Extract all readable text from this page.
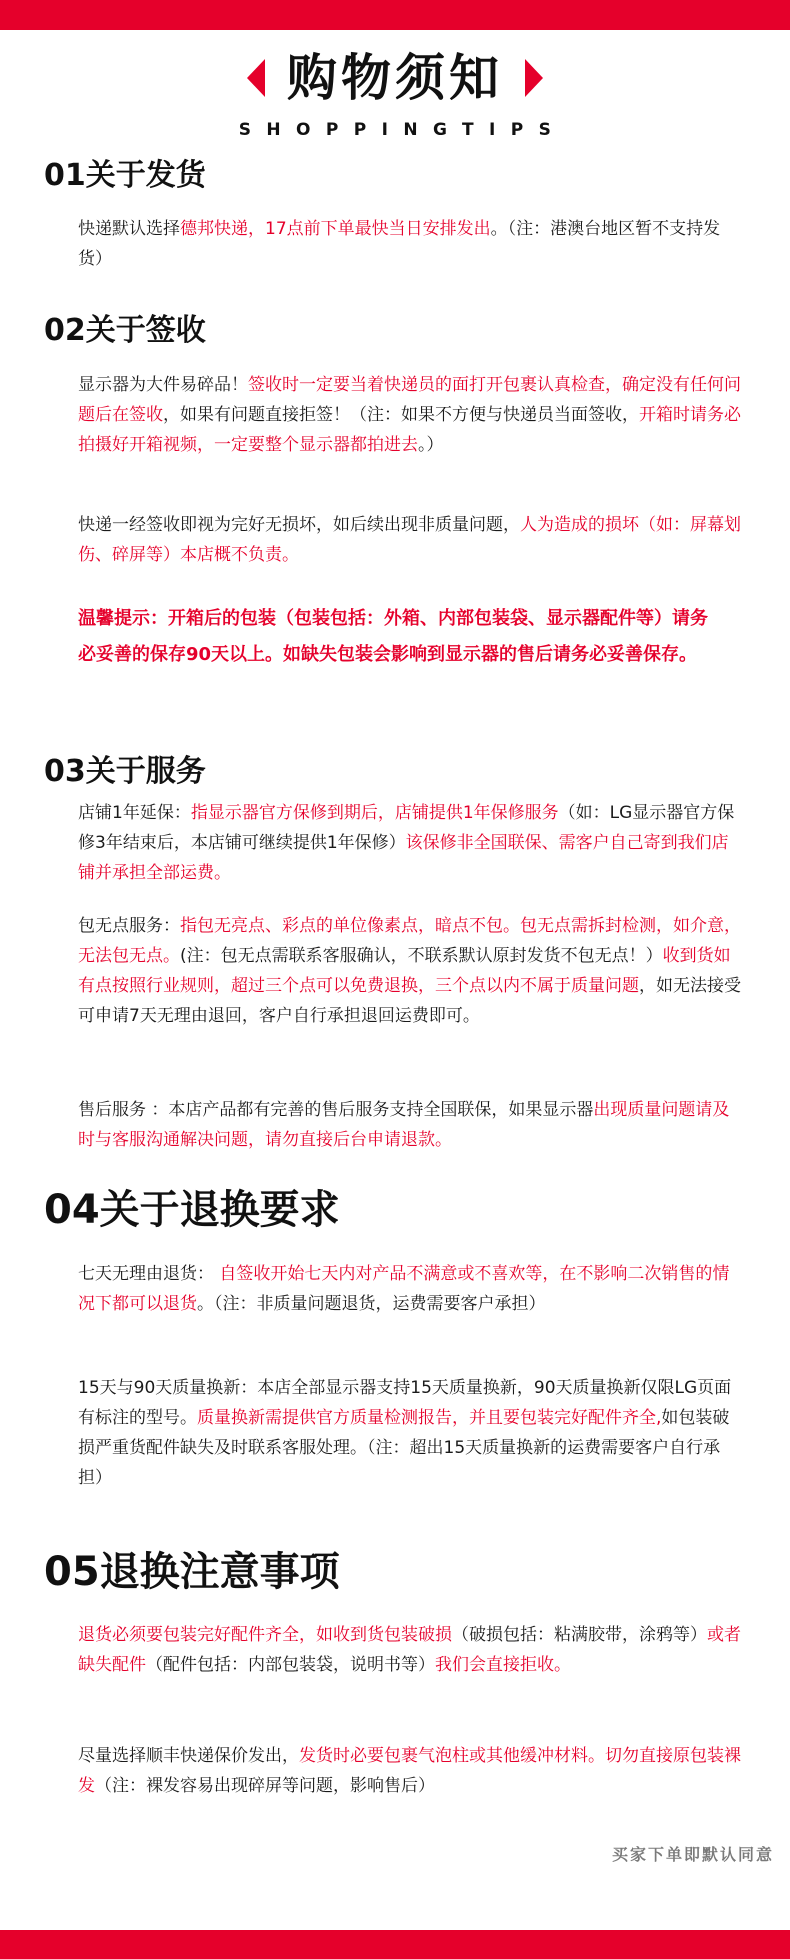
购物须知
SHOPPINGTIPS
01关于发货
快递默认选择德邦快递，17点前下单最快当日安排发出。（注：港澳台地区暂不支持发货）
02关于签收
显示器为大件易碎品！签收时一定要当着快递员的面打开包裹认真检查，确定没有任何问题后在签收，如果有问题直接拒签！（注：如果不方便与快递员当面签收，开箱时请务必拍摄好开箱视频，一定要整个显示器都拍进去。）
快递一经签收即视为完好无损坏，如后续出现非质量问题，人为造成的损坏（如：屏幕划伤、碎屏等）本店概不负责。
温馨提示：开箱后的包装（包装包括：外箱、内部包装袋、显示器配件等）请务必妥善的保存90天以上。如缺失包装会影响到显示器的售后请务必妥善保存。
03关于服务
店铺1年延保：指显示器官方保修到期后，店铺提供1年保修服务（如：LG显示器官方保修3年结束后，本店铺可继续提供1年保修）该保修非全国联保、需客户自己寄到我们店铺并承担全部运费。
包无点服务：指包无亮点、彩点的单位像素点，暗点不包。包无点需拆封检测，如介意，无法包无点。(注：包无点需联系客服确认，不联系默认原封发货不包无点！）收到货如有点按照行业规则，超过三个点可以免费退换，三个点以内不属于质量问题，如无法接受可申请7天无理由退回，客户自行承担退回运费即可。
售后服务 ：本店产品都有完善的售后服务支持全国联保，如果显示器出现质量问题请及时与客服沟通解决问题，请勿直接后台申请退款。
04关于退换要求
七天无理由退货： 自签收开始七天内对产品不满意或不喜欢等，在不影响二次销售的情况下都可以退货。（注：非质量问题退货，运费需要客户承担）
15天与90天质量换新：本店全部显示器支持15天质量换新，90天质量换新仅限LG页面有标注的型号。质量换新需提供官方质量检测报告，并且要包装完好配件齐全,如包装破损严重货配件缺失及时联系客服处理。（注：超出15天质量换新的运费需要客户自行承担）
05退换注意事项
退货必须要包装完好配件齐全，如收到货包装破损（破损包括：粘满胶带，涂鸦等）或者缺失配件（配件包括：内部包装袋，说明书等）我们会直接拒收。
尽量选择顺丰快递保价发出，发货时必要包裹气泡柱或其他缓冲材料。切勿直接原包装裸发（注：裸发容易出现碎屏等问题，影响售后）
买家下单即默认同意
